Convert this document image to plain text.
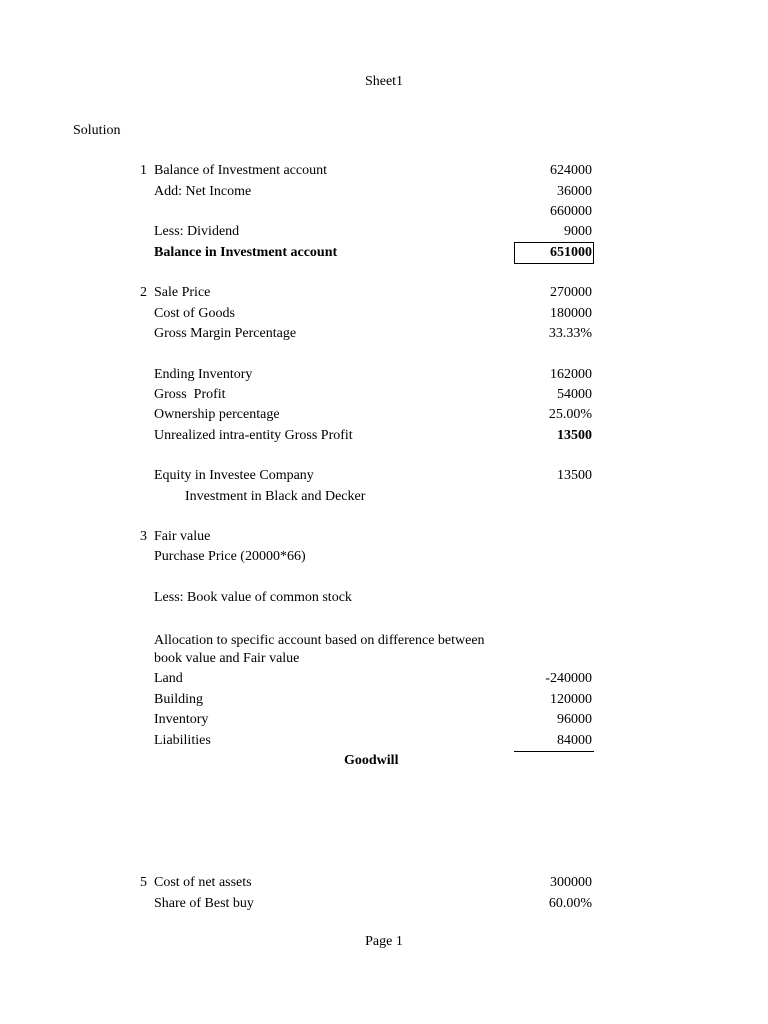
Sheet1
Solution
1 Balance of Investment account	624000
Add: Net Income	36000
660000
Less: Dividend	9000
Balance in Investment account	651000
2 Sale Price	270000
Cost of Goods	180000
Gross Margin Percentage	33.33%
Ending Inventory	162000
Gross  Profit	54000
Ownership percentage	25.00%
Unrealized intra-entity Gross Profit	13500
Equity in Investee Company	13500
Investment in Black and Decker
3 Fair value
Purchase Price (20000*66)
Less: Book value of common stock
Allocation to specific account based on difference between
book value and Fair value
Land	-240000
Building	120000
Inventory	96000
Liabilities	84000
Goodwill
5 Cost of net assets	300000
Share of Best buy	60.00%
Page 1
